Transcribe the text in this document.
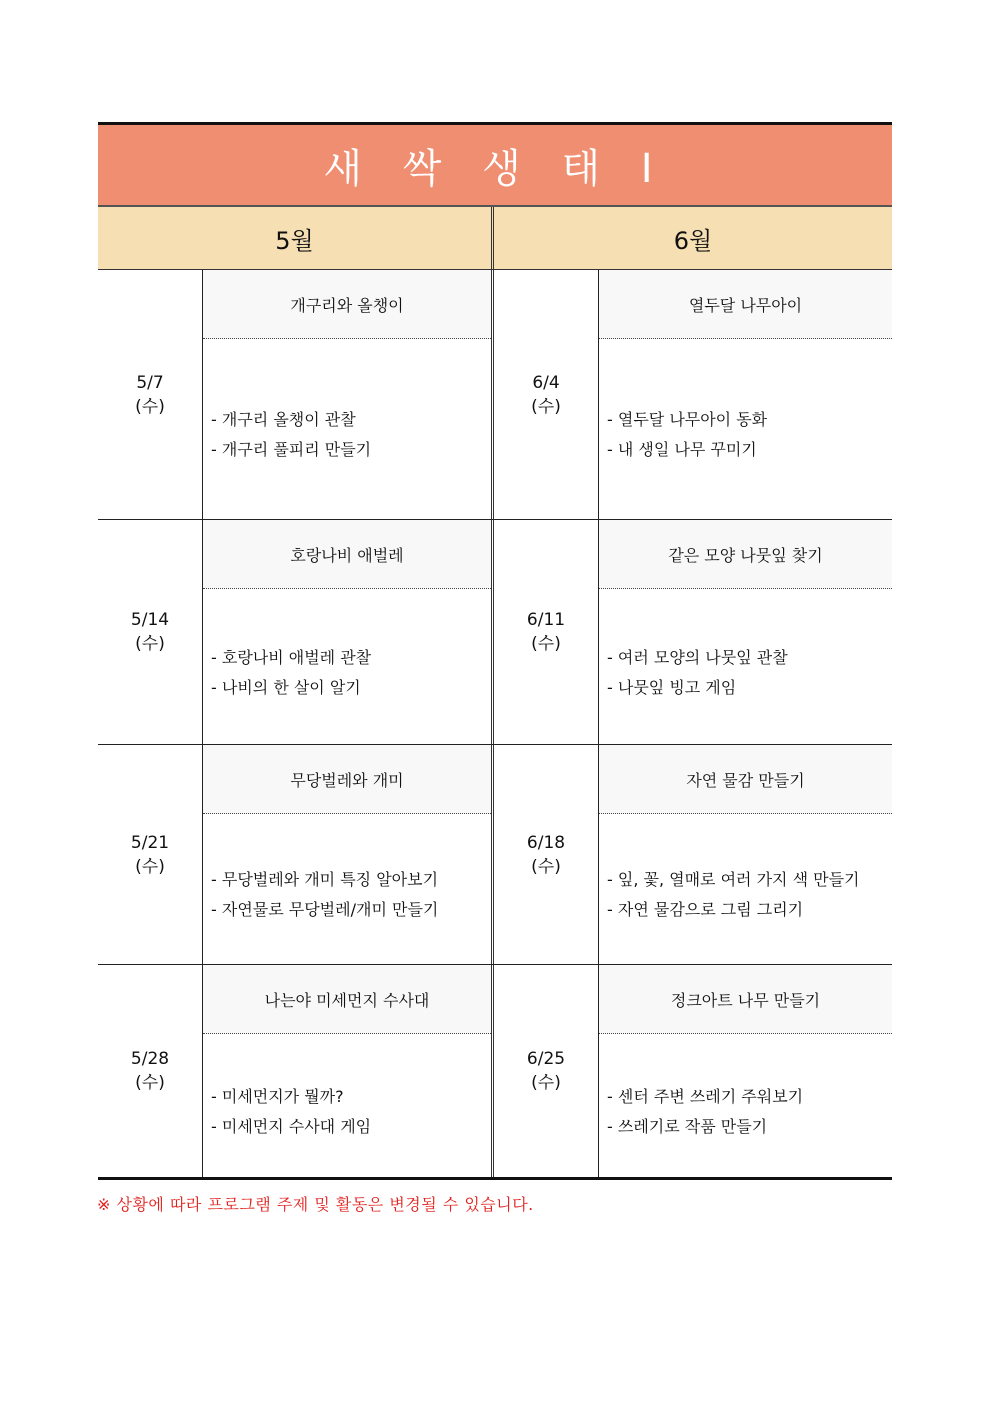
새 싹 생 태 I
5월	6월
5/7
(수)
개구리와 올챙이
- 개구리 올챙이 관찰
- 개구리 풀피리 만들기
6/4
(수)
열두달 나무아이
- 열두달 나무아이 동화
- 내 생일 나무 꾸미기
5/14
(수)
호랑나비 애벌레
- 호랑나비 애벌레 관찰
- 나비의 한 살이 알기
6/11
(수)
같은 모양 나뭇잎 찾기
- 여러 모양의 나뭇잎 관찰
- 나뭇잎 빙고 게임
5/21
(수)
무당벌레와 개미
- 무당벌레와 개미 특징 알아보기
- 자연물로 무당벌레/개미 만들기
6/18
(수)
자연 물감 만들기
- 잎, 꽃, 열매로 여러 가지 색 만들기
- 자연 물감으로 그림 그리기
5/28
(수)
나는야 미세먼지 수사대
- 미세먼지가 뭘까?
- 미세먼지 수사대 게임
6/25
(수)
정크아트 나무 만들기
- 센터 주변 쓰레기 주워보기
- 쓰레기로 작품 만들기
※ 상황에 따라 프로그램 주제 및 활동은 변경될 수 있습니다.
